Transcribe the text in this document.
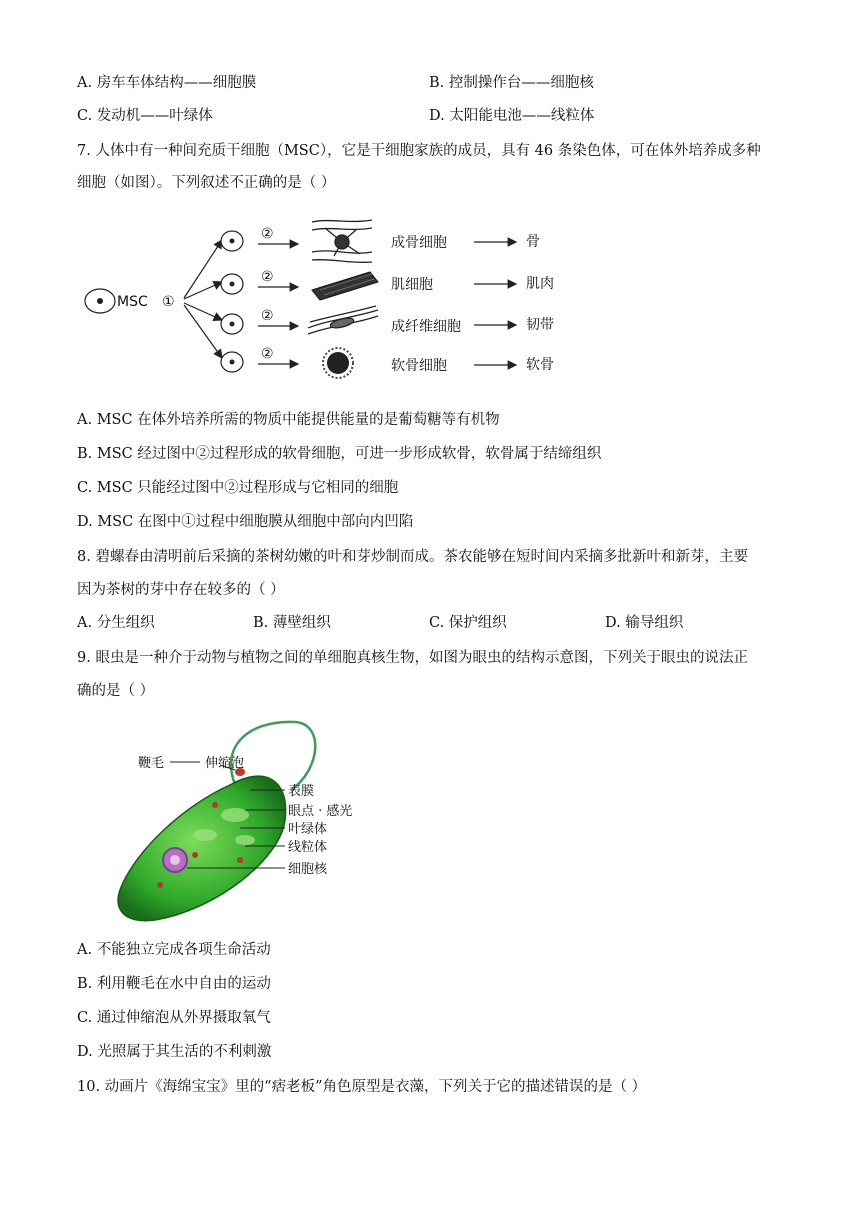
A. 房车车体结构——细胞膜	B. 控制操作台——细胞核
C. 发动机——叶绿体	D. 太阳能电池——线粒体
7. 人体中有一种间充质干细胞（MSC），它是干细胞家族的成员，具有 46 条染色体，可在体外培养成多种
细胞（如图）。下列叙述不正确的是（ ）
MSC ①
②
成骨细胞	骨
②	肌细胞	肌肉
②
成纤维细胞	韧带
②
软骨细胞	软骨
A. MSC 在体外培养所需的物质中能提供能量的是葡萄糖等有机物
B. MSC 经过图中②过程形成的软骨细胞，可进一步形成软骨，软骨属于结缔组织
C. MSC 只能经过图中②过程形成与它相同的细胞
D. MSC 在图中①过程中细胞膜从细胞中部向内凹陷
8. 碧螺春由清明前后采摘的茶树幼嫩的叶和芽炒制而成。茶农能够在短时间内采摘多批新叶和新芽，主要
因为茶树的芽中存在较多的（ ）
A. 分生组织	B. 薄壁组织	C. 保护组织	D. 输导组织
9. 眼虫是一种介于动物与植物之间的单细胞真核生物，如图为眼虫的结构示意图，下列关于眼虫的说法正
确的是（ ）
鞭毛	伸缩泡
表膜
眼点 · 感光
叶绿体
线粒体
细胞核
A. 不能独立完成各项生命活动
B. 利用鞭毛在水中自由的运动
C. 通过伸缩泡从外界摄取氧气
D. 光照属于其生活的不利刺激
10. 动画片《海绵宝宝》里的“痞老板”角色原型是衣藻，下列关于它的描述错误的是（ ）
